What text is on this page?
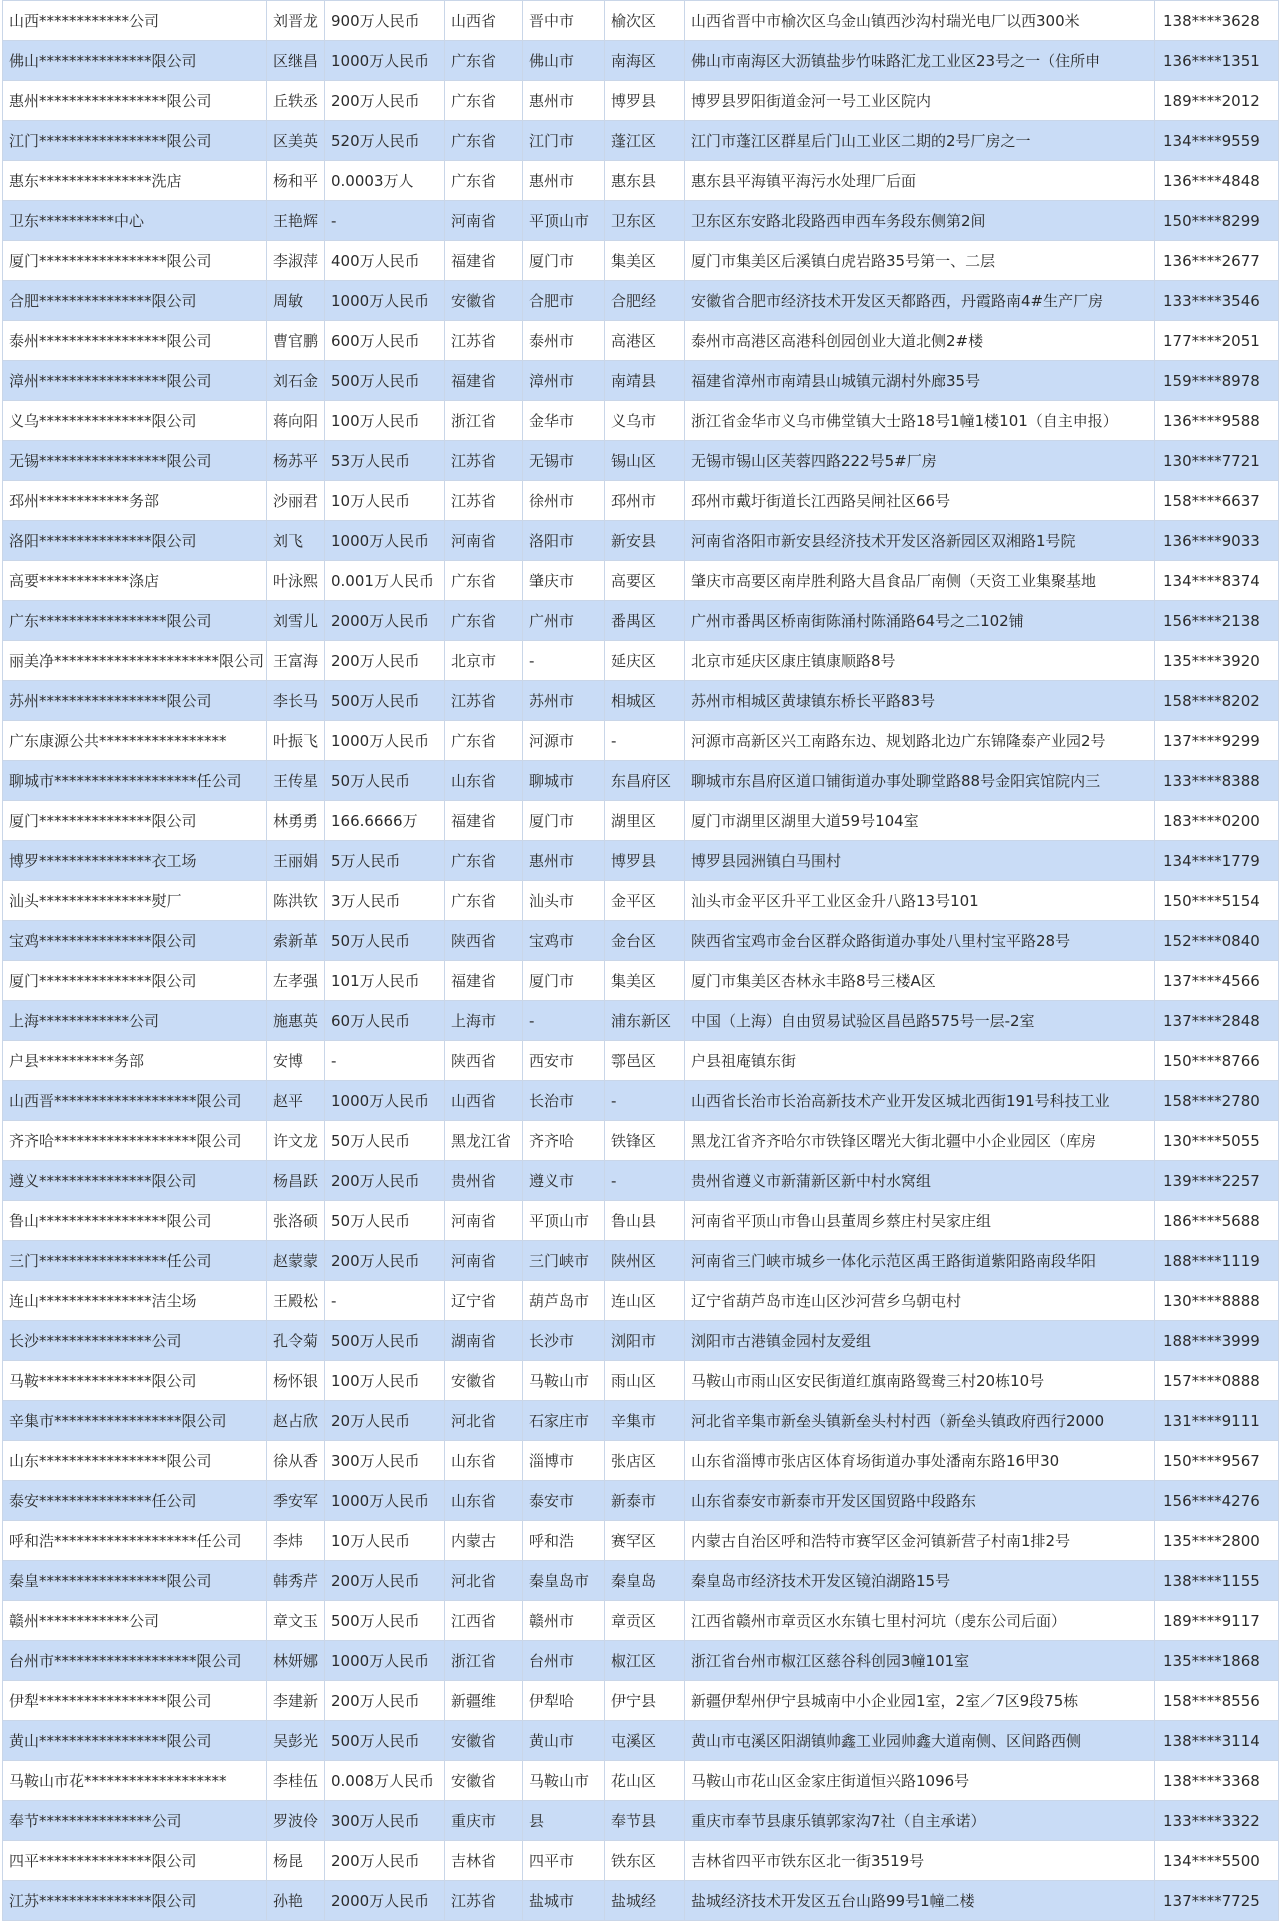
山西************公司	刘晋龙	900万人民币	山西省	晋中市	榆次区	山西省晋中市榆次区乌金山镇西沙沟村瑞光电厂以西300米	138****3628
佛山***************限公司	区继昌	1000万人民币	广东省	佛山市	南海区	佛山市南海区大沥镇盐步竹味路汇龙工业区23号之一（住所申	136****1351
惠州*****************限公司	丘轶丞	200万人民币	广东省	惠州市	博罗县	博罗县罗阳街道金河一号工业区院内	189****2012
江门*****************限公司	区美英	520万人民币	广东省	江门市	蓬江区	江门市蓬江区群星后门山工业区二期的2号厂房之一	134****9559
惠东***************洗店	杨和平	0.0003万人	广东省	惠州市	惠东县	惠东县平海镇平海污水处理厂后面	136****4848
卫东**********中心	王艳辉	-	河南省	平顶山市	卫东区	卫东区东安路北段路西申西车务段东侧第2间	150****8299
厦门*****************限公司	李淑萍	400万人民币	福建省	厦门市	集美区	厦门市集美区后溪镇白虎岩路35号第一、二层	136****2677
合肥***************限公司	周敏	1000万人民币	安徽省	合肥市	合肥经	安徽省合肥市经济技术开发区天都路西，丹霞路南4#生产厂房	133****3546
泰州*****************限公司	曹官鹏	600万人民币	江苏省	泰州市	高港区	泰州市高港区高港科创园创业大道北侧2#楼	177****2051
漳州*****************限公司	刘石金	500万人民币	福建省	漳州市	南靖县	福建省漳州市南靖县山城镇元湖村外廊35号	159****8978
义乌***************限公司	蒋向阳	100万人民币	浙江省	金华市	义乌市	浙江省金华市义乌市佛堂镇大士路18号1幢1楼101（自主申报）	136****9588
无锡*****************限公司	杨苏平	53万人民币	江苏省	无锡市	锡山区	无锡市锡山区芙蓉四路222号5#厂房	130****7721
邳州************务部	沙丽君	10万人民币	江苏省	徐州市	邳州市	邳州市戴圩街道长江西路吴闸社区66号	158****6637
洛阳***************限公司	刘飞	1000万人民币	河南省	洛阳市	新安县	河南省洛阳市新安县经济技术开发区洛新园区双湘路1号院	136****9033
高要************涤店	叶泳熙	0.001万人民币	广东省	肇庆市	高要区	肇庆市高要区南岸胜利路大昌食品厂南侧（天资工业集聚基地	134****8374
广东*****************限公司	刘雪儿	2000万人民币	广东省	广州市	番禺区	广州市番禺区桥南街陈涌村陈涌路64号之二102铺	156****2138
丽美净**********************限公司	王富海	200万人民币	北京市	-	延庆区	北京市延庆区康庄镇康顺路8号	135****3920
苏州*****************限公司	李长马	500万人民币	江苏省	苏州市	相城区	苏州市相城区黄埭镇东桥长平路83号	158****8202
广东康源公共*****************	叶振飞	1000万人民币	广东省	河源市	-	河源市高新区兴工南路东边、规划路北边广东锦隆泰产业园2号	137****9299
聊城市*******************任公司	王传星	50万人民币	山东省	聊城市	东昌府区	聊城市东昌府区道口铺街道办事处聊堂路88号金阳宾馆院内三	133****8388
厦门***************限公司	林勇勇	166.6666万	福建省	厦门市	湖里区	厦门市湖里区湖里大道59号104室	183****0200
博罗***************衣工场	王丽娟	5万人民币	广东省	惠州市	博罗县	博罗县园洲镇白马围村	134****1779
汕头***************熨厂	陈洪钦	3万人民币	广东省	汕头市	金平区	汕头市金平区升平工业区金升八路13号101	150****5154
宝鸡***************限公司	索新革	50万人民币	陕西省	宝鸡市	金台区	陕西省宝鸡市金台区群众路街道办事处八里村宝平路28号	152****0840
厦门***************限公司	左孝强	101万人民币	福建省	厦门市	集美区	厦门市集美区杏林永丰路8号三楼A区	137****4566
上海************公司	施惠英	60万人民币	上海市	-	浦东新区	中国（上海）自由贸易试验区昌邑路575号一层-2室	137****2848
户县**********务部	安博	-	陕西省	西安市	鄠邑区	户县祖庵镇东街	150****8766
山西晋*******************限公司	赵平	1000万人民币	山西省	长治市	-	山西省长治市长治高新技术产业开发区城北西街191号科技工业	158****2780
齐齐哈*******************限公司	许文龙	50万人民币	黑龙江省	齐齐哈	铁锋区	黑龙江省齐齐哈尔市铁锋区曙光大街北疆中小企业园区（库房	130****5055
遵义***************限公司	杨昌跃	200万人民币	贵州省	遵义市	-	贵州省遵义市新蒲新区新中村水窝组	139****2257
鲁山*****************限公司	张洛硕	50万人民币	河南省	平顶山市	鲁山县	河南省平顶山市鲁山县董周乡蔡庄村吴家庄组	186****5688
三门*****************任公司	赵蒙蒙	200万人民币	河南省	三门峡市	陕州区	河南省三门峡市城乡一体化示范区禹王路街道紫阳路南段华阳	188****1119
连山***************洁尘场	王殿松	-	辽宁省	葫芦岛市	连山区	辽宁省葫芦岛市连山区沙河营乡乌朝屯村	130****8888
长沙***************公司	孔令菊	500万人民币	湖南省	长沙市	浏阳市	浏阳市古港镇金园村友爱组	188****3999
马鞍***************限公司	杨怀银	100万人民币	安徽省	马鞍山市	雨山区	马鞍山市雨山区安民街道红旗南路鸳鸯三村20栋10号	157****0888
辛集市*****************限公司	赵占欣	20万人民币	河北省	石家庄市	辛集市	河北省辛集市新垒头镇新垒头村村西（新垒头镇政府西行2000	131****9111
山东*****************限公司	徐从香	300万人民币	山东省	淄博市	张店区	山东省淄博市张店区体育场街道办事处潘南东路16甲30	150****9567
泰安***************任公司	季安军	1000万人民币	山东省	泰安市	新泰市	山东省泰安市新泰市开发区国贸路中段路东	156****4276
呼和浩*******************任公司	李炜	10万人民币	内蒙古	呼和浩	赛罕区	内蒙古自治区呼和浩特市赛罕区金河镇新营子村南1排2号	135****2800
秦皇*****************限公司	韩秀芹	200万人民币	河北省	秦皇岛市	秦皇岛	秦皇岛市经济技术开发区镜泊湖路15号	138****1155
赣州************公司	章文玉	500万人民币	江西省	赣州市	章贡区	江西省赣州市章贡区水东镇七里村河坑（虔东公司后面）	189****9117
台州市*******************限公司	林妍娜	1000万人民币	浙江省	台州市	椒江区	浙江省台州市椒江区慈谷科创园3幢101室	135****1868
伊犁*****************限公司	李建新	200万人民币	新疆维	伊犁哈	伊宁县	新疆伊犁州伊宁县城南中小企业园1室，2室／7区9段75栋	158****8556
黄山*****************限公司	吴彭光	500万人民币	安徽省	黄山市	屯溪区	黄山市屯溪区阳湖镇帅鑫工业园帅鑫大道南侧、区间路西侧	138****3114
马鞍山市花*******************	李桂伍	0.008万人民币	安徽省	马鞍山市	花山区	马鞍山市花山区金家庄街道恒兴路1096号	138****3368
奉节***************公司	罗波伶	300万人民币	重庆市	县	奉节县	重庆市奉节县康乐镇郭家沟7社（自主承诺）	133****3322
四平***************限公司	杨昆	200万人民币	吉林省	四平市	铁东区	吉林省四平市铁东区北一街3519号	134****5500
江苏***************限公司	孙艳	2000万人民币	江苏省	盐城市	盐城经	盐城经济技术开发区五台山路99号1幢二楼	137****7725
